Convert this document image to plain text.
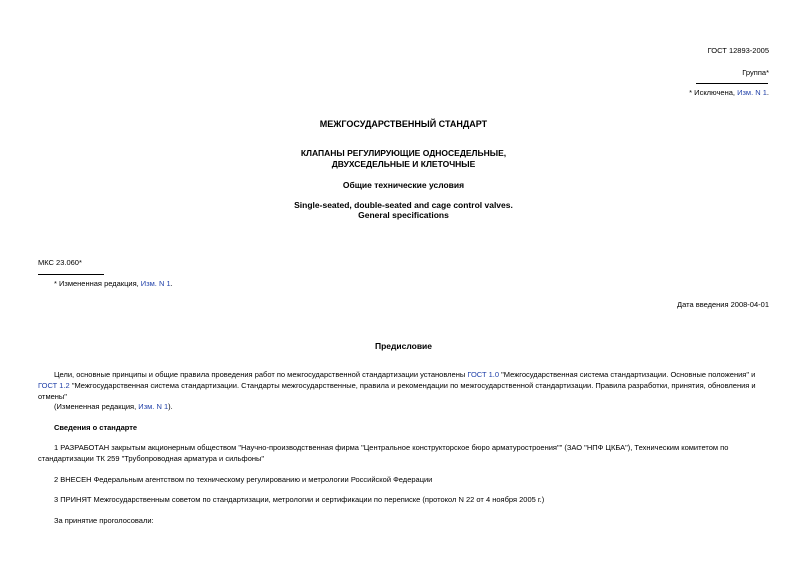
ГОСТ 12893-2005
Группа*
* Исключена, Изм. N 1.
МЕЖГОСУДАРСТВЕННЫЙ СТАНДАРТ
КЛАПАНЫ РЕГУЛИРУЮЩИЕ ОДНОСЕДЕЛЬНЫЕ,
ДВУХСЕДЕЛЬНЫЕ И КЛЕТОЧНЫЕ
Общие технические условия
Single-seated, double-seated and cage control valves.
General specifications
МКС 23.060*
* Измененная редакция, Изм. N 1.
Дата введения 2008-04-01
Предисловие
Цели, основные принципы и общие правила проведения работ по межгосударственной стандартизации установлены ГОСТ 1.0 "Межгосударственная система стандартизации. Основные положения" и ГОСТ 1.2 "Межгосударственная система стандартизации. Стандарты межгосударственные, правила и рекомендации по межгосударственной стандартизации. Правила разработки, принятия, обновления и отмены"
(Измененная редакция, Изм. N 1).
Сведения о стандарте
1 РАЗРАБОТАН закрытым акционерным обществом "Научно-производственная фирма "Центральное конструкторское бюро арматуростроения"" (ЗАО "НПФ ЦКБА"), Техническим комитетом по стандартизации ТК 259 "Трубопроводная арматура и сильфоны"
2 ВНЕСЕН Федеральным агентством по техническому регулированию и метрологии Российской Федерации
3 ПРИНЯТ Межгосударственным советом по стандартизации, метрологии и сертификации по переписке (протокол N 22 от 4 ноября 2005 г.)
За принятие проголосовали:
